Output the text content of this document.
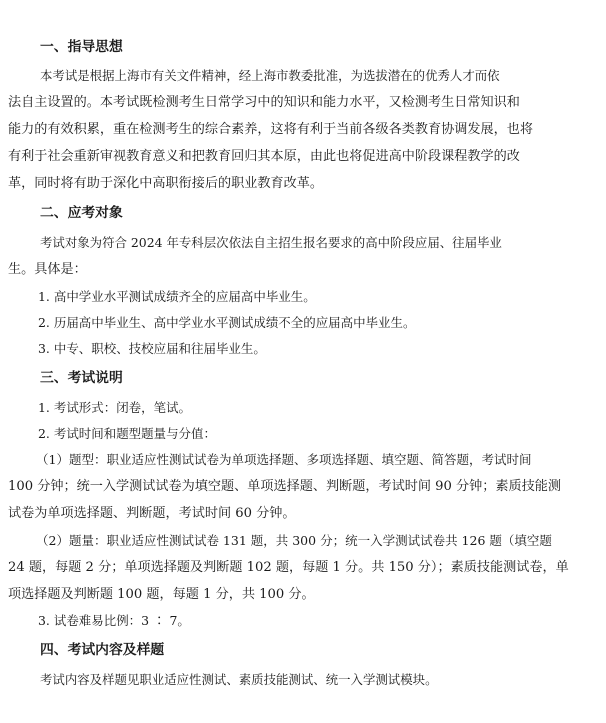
一、指导思想
本考试是根据上海市有关文件精神，经上海市教委批准，为选拔潜在的优秀人才而依
法自主设置的。本考试既检测考生日常学习中的知识和能力水平，又检测考生日常知识和
能力的有效积累，重在检测考生的综合素养，这将有利于当前各级各类教育协调发展，也将
有利于社会重新审视教育意义和把教育回归其本原，由此也将促进高中阶段课程教学的改
革，同时将有助于深化中高职衔接后的职业教育改革。
二、应考对象
考试对象为符合 2024 年专科层次依法自主招生报名要求的高中阶段应届、往届毕业
生。具体是：
1. 高中学业水平测试成绩齐全的应届高中毕业生。
2. 历届高中毕业生、高中学业水平测试成绩不全的应届高中毕业生。
3. 中专、职校、技校应届和往届毕业生。
三、考试说明
1. 考试形式：闭卷，笔试。
2. 考试时间和题型题量与分值：
（1）题型：职业适应性测试试卷为单项选择题、多项选择题、填空题、简答题，考试时间
100 分钟；统一入学测试试卷为填空题、单项选择题、判断题，考试时间 90 分钟；素质技能测
试卷为单项选择题、判断题，考试时间 60 分钟。
（2）题量：职业适应性测试试卷 131 题，共 300 分；统一入学测试试卷共 126 题（填空题
24 题，每题 2 分；单项选择题及判断题 102 题，每题 1 分。共 150 分）；素质技能测试卷，单
项选择题及判断题 100 题，每题 1 分，共 100 分。
3. 试卷难易比例：3 ∶ 7。
四、考试内容及样题
考试内容及样题见职业适应性测试、素质技能测试、统一入学测试模块。
